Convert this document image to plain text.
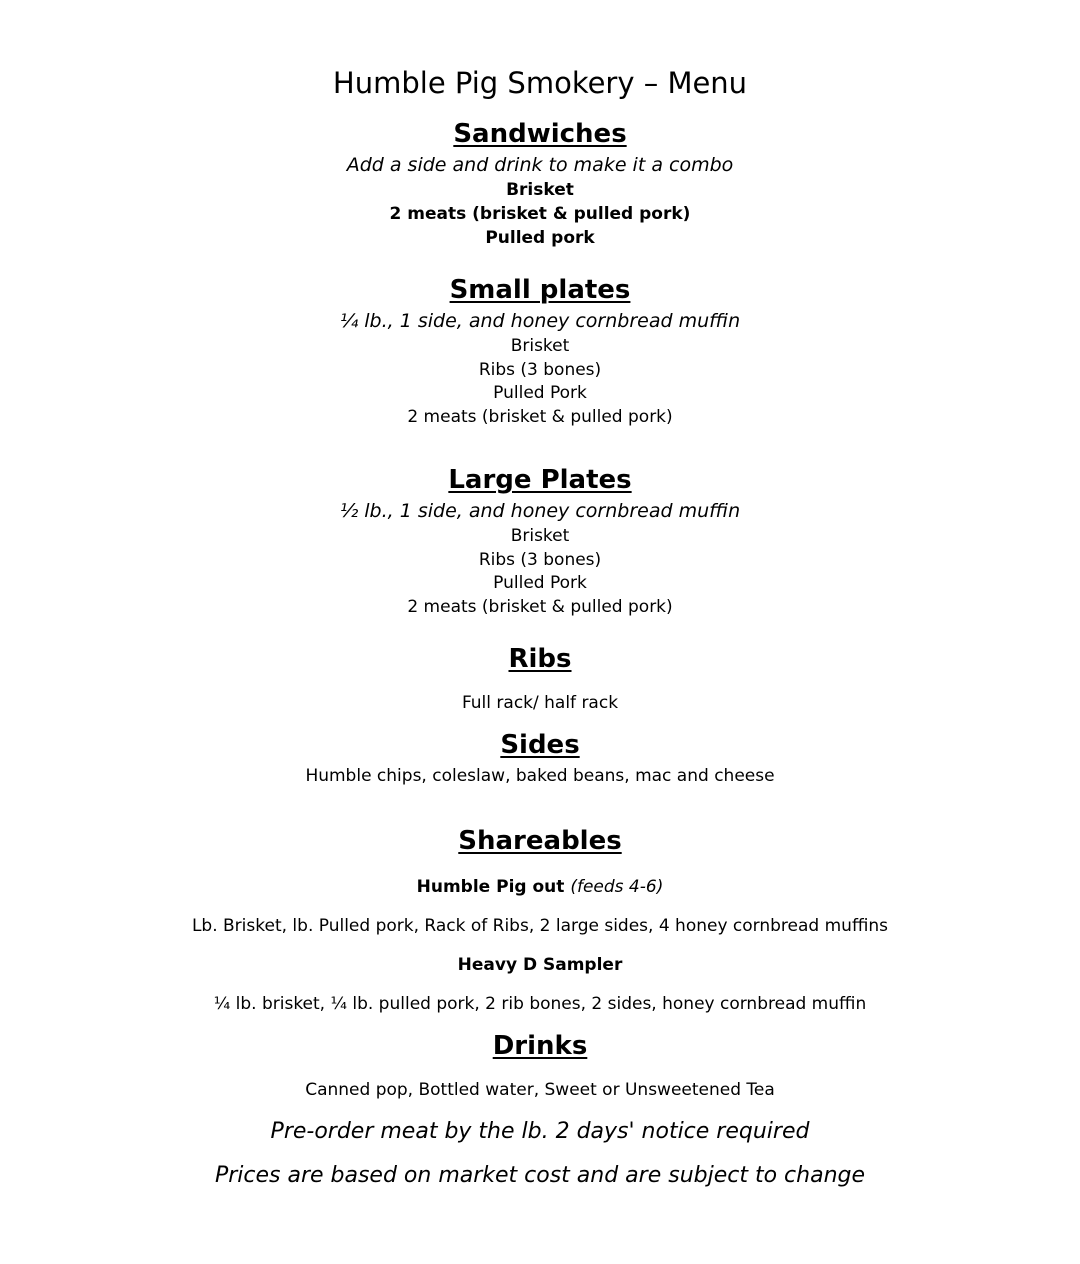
Humble Pig Smokery – Menu
Sandwiches
Add a side and drink to make it a combo
Brisket
2 meats (brisket & pulled pork)
Pulled pork
Small plates
¼ lb., 1 side, and honey cornbread muffin
Brisket
Ribs (3 bones)
Pulled Pork
2 meats (brisket & pulled pork)
Large Plates
½ lb., 1 side, and honey cornbread muffin
Brisket
Ribs (3 bones)
Pulled Pork
2 meats (brisket & pulled pork)
Ribs
Full rack/ half rack
Sides
Humble chips, coleslaw, baked beans, mac and cheese
Shareables
Humble Pig out (feeds 4-6)
Lb. Brisket, lb. Pulled pork, Rack of Ribs, 2 large sides, 4 honey cornbread muffins
Heavy D Sampler
¼ lb. brisket, ¼ lb. pulled pork, 2 rib bones, 2 sides, honey cornbread muffin
Drinks
Canned pop, Bottled water, Sweet or Unsweetened Tea
Pre-order meat by the lb. 2 days' notice required
Prices are based on market cost and are subject to change
